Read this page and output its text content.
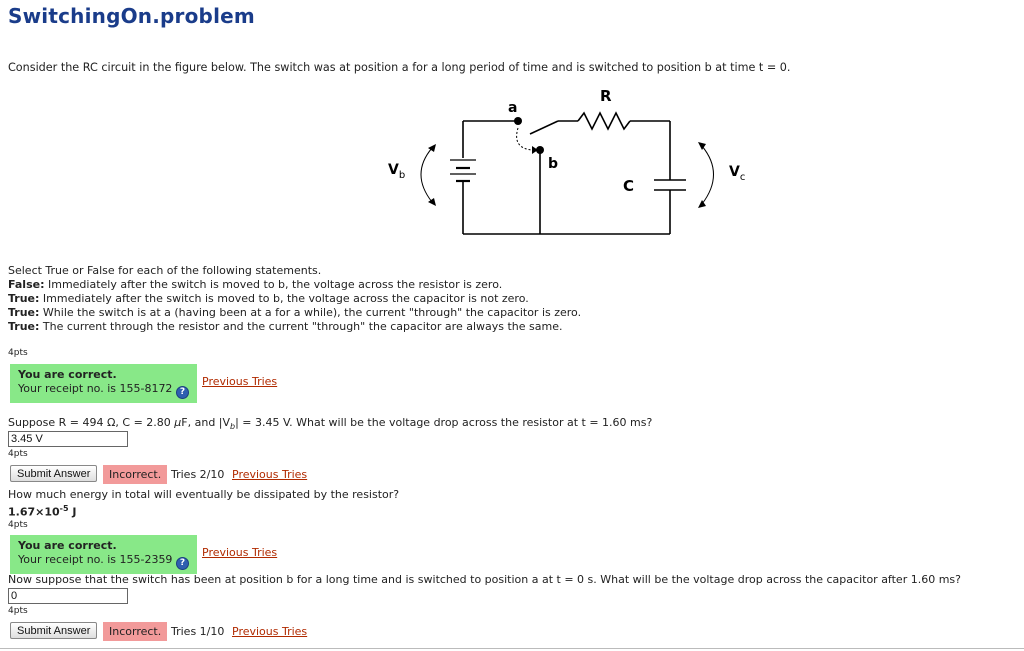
SwitchingOn.problem
Consider the RC circuit in the figure below. The switch was at position a for a long period of time and is switched to position b at time t = 0.
a
b
R
C
$V_b$	$V_c$
Select True or False for each of the following statements.
False: Immediately after the switch is moved to b, the voltage across the resistor is zero.
True: Immediately after the switch is moved to b, the voltage across the capacitor is not zero.
True: While the switch is at a (having been at a for a while), the current "through" the capacitor is zero.
True: The current through the resistor and the current "through" the capacitor are always the same.
4pts
You are correct.
Your receipt no. is 155-8172 ?
Previous Tries
Suppose R = 494 Ω, C = 2.80 μF, and $|V_b| = 3.45$ V. What will be the voltage drop across the resistor at t = 1.60 ms?
3.45 V
4pts
Submit Answer	Incorrect. Tries 2/10 Previous Tries
How much energy in total will eventually be dissipated by the resistor?
$1.67\times 10^{-5}$ J
4pts
You are correct.
Your receipt no. is 155-2359 ?
Previous Tries
Now suppose that the switch has been at position b for a long time and is switched to position a at t = 0 s. What will be the voltage drop across the capacitor after 1.60 ms?
0
4pts
Submit Answer	Incorrect. Tries 1/10 Previous Tries
